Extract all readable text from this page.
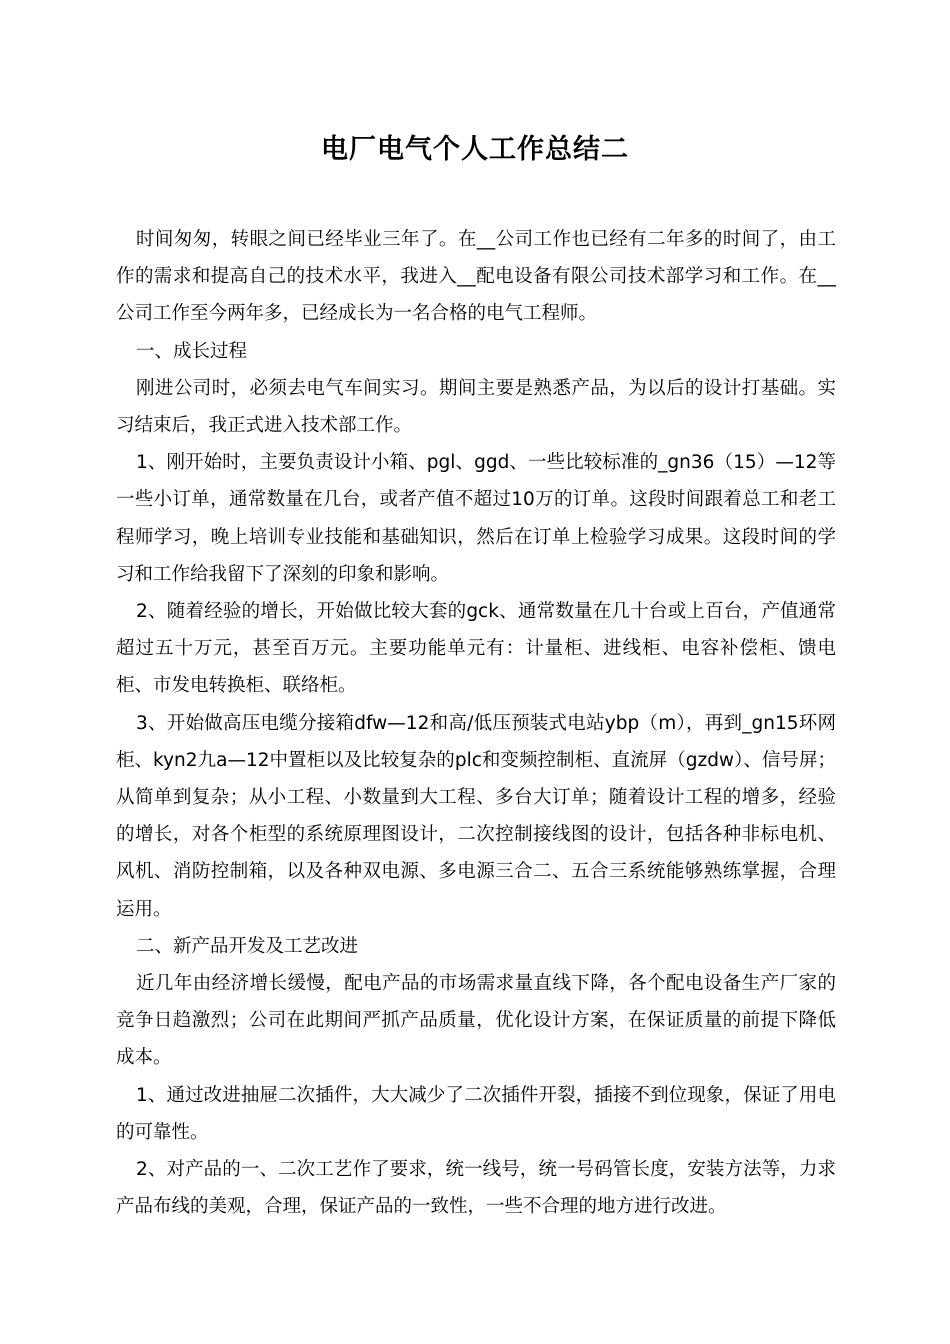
电厂电气个人工作总结二

时间匆匆，转眼之间已经毕业三年了。在__公司工作也已经有二年多的时间了，由工作的需求和提高自己的技术水平，我进入__配电设备有限公司技术部学习和工作。在__公司工作至今两年多，已经成长为一名合格的电气工程师。

一、成长过程

刚进公司时，必须去电气车间实习。期间主要是熟悉产品，为以后的设计打基础。实习结束后，我正式进入技术部工作。

1、刚开始时，主要负责设计小箱、pgl、ggd、一些比较标准的_gn36（15）—12等一些小订单，通常数量在几台，或者产值不超过10万的订单。这段时间跟着总工和老工程师学习，晚上培训专业技能和基础知识，然后在订单上检验学习成果。这段时间的学习和工作给我留下了深刻的印象和影响。

2、随着经验的增长，开始做比较大套的gck、通常数量在几十台或上百台，产值通常超过五十万元，甚至百万元。主要功能单元有：计量柜、进线柜、电容补偿柜、馈电柜、市发电转换柜、联络柜。

3、开始做高压电缆分接箱dfw—12和高/低压预装式电站ybp（m），再到_gn15环网柜、kyn2九a—12中置柜以及比较复杂的plc和变频控制柜、直流屏（gzdw）、信号屏；从简单到复杂；从小工程、小数量到大工程、多台大订单；随着设计工程的增多，经验的增长，对各个柜型的系统原理图设计，二次控制接线图的设计，包括各种非标电机、风机、消防控制箱，以及各种双电源、多电源三合二、五合三系统能够熟练掌握，合理运用。

二、新产品开发及工艺改进

近几年由经济增长缓慢，配电产品的市场需求量直线下降，各个配电设备生产厂家的竞争日趋激烈；公司在此期间严抓产品质量，优化设计方案，在保证质量的前提下降低成本。

1、通过改进抽屉二次插件，大大减少了二次插件开裂，插接不到位现象，保证了用电的可靠性。

2、对产品的一、二次工艺作了要求，统一线号，统一号码管长度，安装方法等，力求产品布线的美观，合理，保证产品的一致性，一些不合理的地方进行改进。
